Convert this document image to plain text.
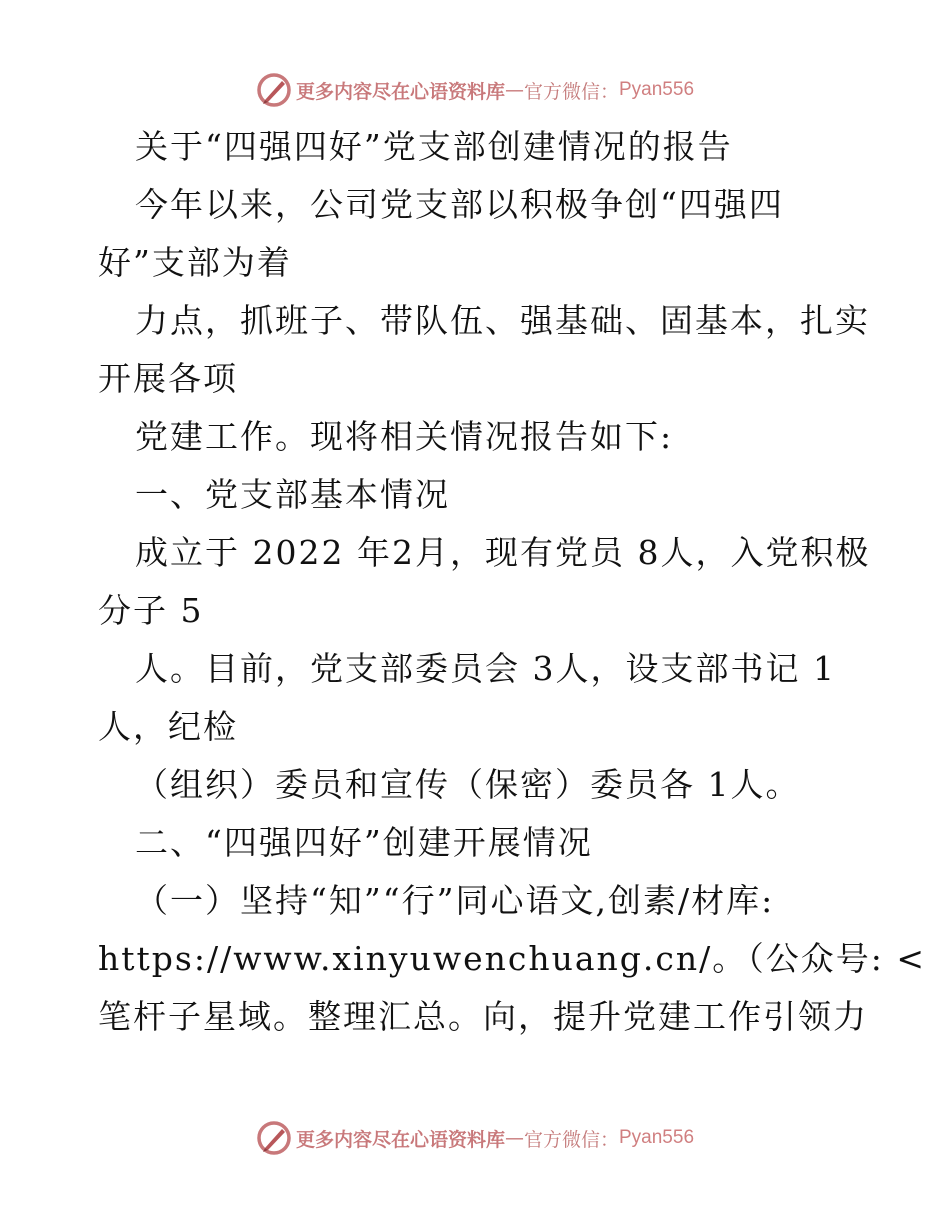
更多内容尽在心语资料库 — 官方微信： Pyan556
关于“四强四好”党支部创建情况的报告
今年以来，公司党支部以积极争创“四强四
好”支部为着
力点，抓班子、带队伍、强基础、固基本，扎实
开展各项
党建工作。现将相关情况报告如下:
一、党支部基本情况
成立于 2022 年2月，现有党员 8人，入党积极
分子 5
人。目前，党支部委员会 3人，设支部书记 1
人，纪检
（组织）委员和宣传（保密）委员各 1人。
二、“四强四好”创建开展情况
（一）坚持“知”“行”同心语文,创素/材库:
https://www.xinyuwenchuang.cn/。（公众号: <
笔杆子星域。整理汇总。向，提升党建工作引领力
更多内容尽在心语资料库 — 官方微信： Pyan556
